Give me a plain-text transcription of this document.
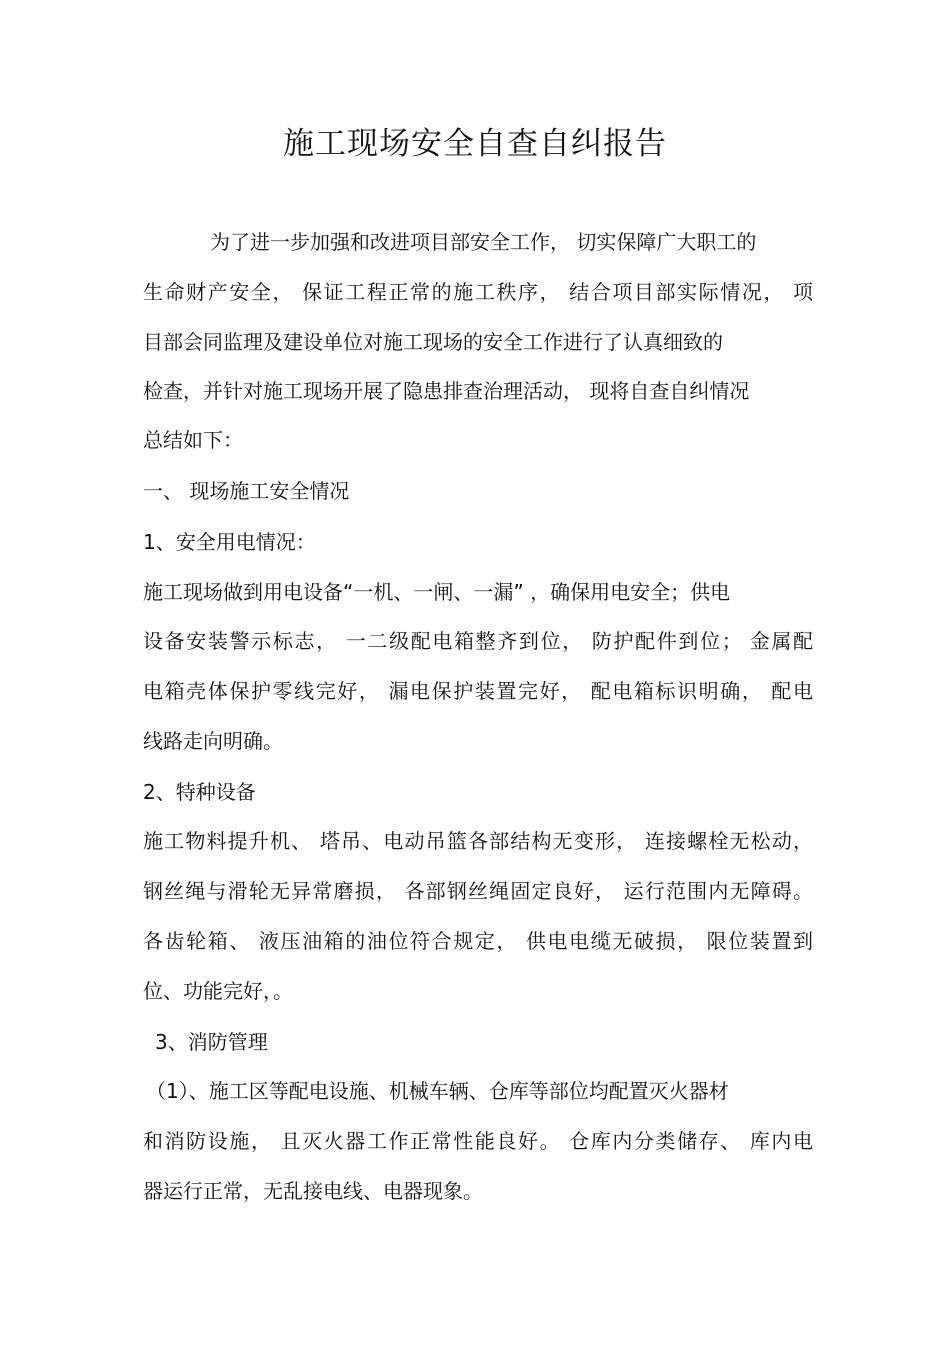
施工现场安全自查自纠报告
为了进一步加强和改进项目部安全工作， 切实保障广大职工的
生命财产安全， 保证工程正常的施工秩序， 结合项目部实际情况， 项
目部会同监理及建设单位对施工现场的安全工作进行了认真细致的
检查，并针对施工现场开展了隐患排查治理活动， 现将自查自纠情况
总结如下：
一、 现场施工安全情况
1、安全用电情况：
施工现场做到用电设备“一机、一闸、一漏” ，确保用电安全；供电
设备安装警示标志， 一二级配电箱整齐到位， 防护配件到位； 金属配
电箱壳体保护零线完好， 漏电保护装置完好， 配电箱标识明确， 配电
线路走向明确。
2、特种设备
施工物料提升机、 塔吊、电动吊篮各部结构无变形， 连接螺栓无松动，
钢丝绳与滑轮无异常磨损， 各部钢丝绳固定良好， 运行范围内无障碍。
各齿轮箱、 液压油箱的油位符合规定， 供电电缆无破损， 限位装置到
位、功能完好，。
3、消防管理
（1）、施工区等配电设施、机械车辆、仓库等部位均配置灭火器材
和消防设施， 且灭火器工作正常性能良好。 仓库内分类储存、 库内电
器运行正常，无乱接电线、电器现象。
